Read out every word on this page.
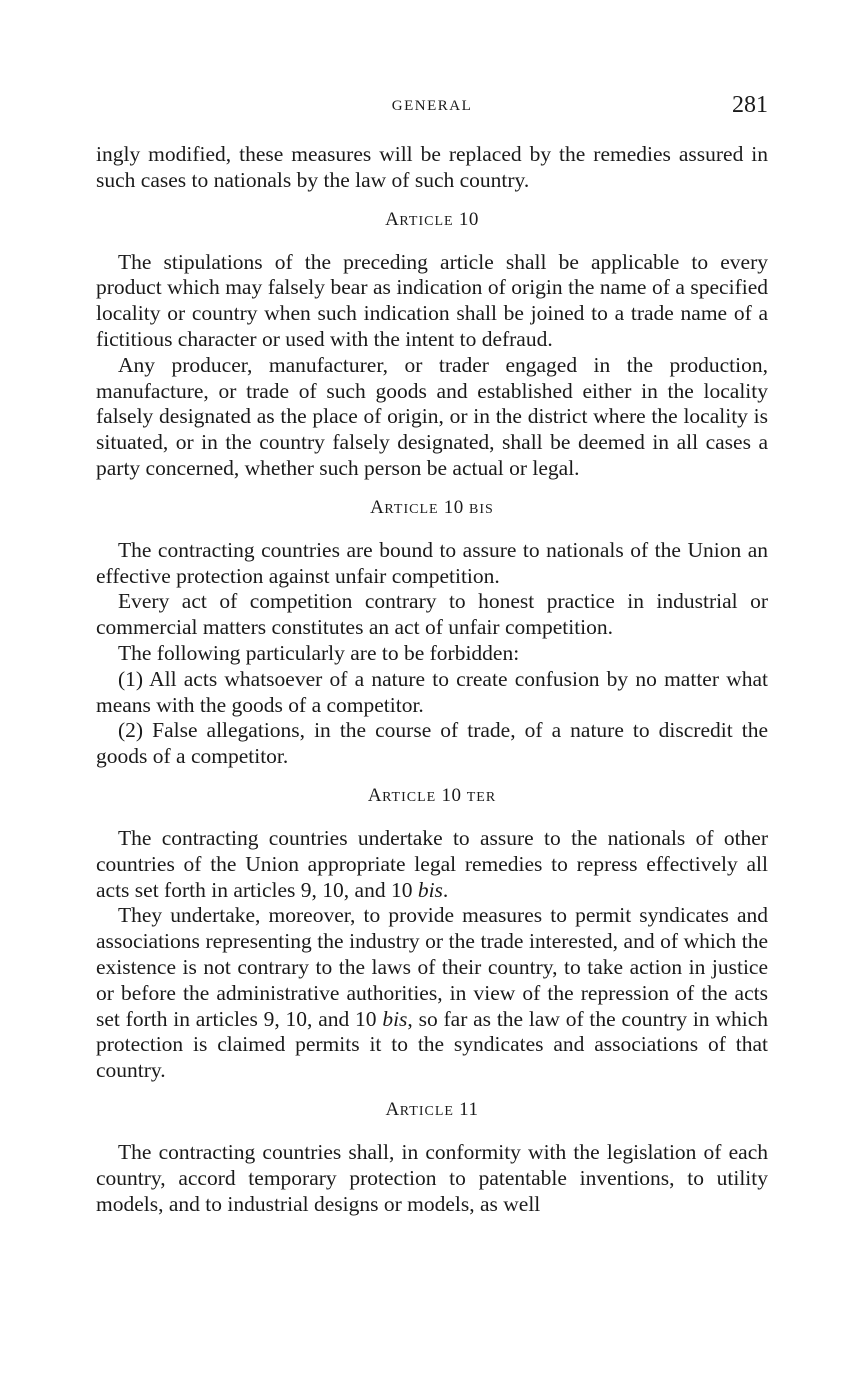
GENERAL	281

ingly modified, these measures will be replaced by the remedies assured in such cases to nationals by the law of such country.

ARTICLE 10

The stipulations of the preceding article shall be applicable to every product which may falsely bear as indication of origin the name of a specified locality or country when such indication shall be joined to a trade name of a fictitious character or used with the intent to defraud.

Any producer, manufacturer, or trader engaged in the production, manufacture, or trade of such goods and established either in the locality falsely designated as the place of origin, or in the district where the locality is situated, or in the country falsely designated, shall be deemed in all cases a party concerned, whether such person be actual or legal.

ARTICLE 10 BIS

The contracting countries are bound to assure to nationals of the Union an effective protection against unfair competition.

Every act of competition contrary to honest practice in industrial or commercial matters constitutes an act of unfair competition.

The following particularly are to be forbidden:

(1) All acts whatsoever of a nature to create confusion by no matter what means with the goods of a competitor.

(2) False allegations, in the course of trade, of a nature to discredit the goods of a competitor.

ARTICLE 10 TER

The contracting countries undertake to assure to the nationals of other countries of the Union appropriate legal remedies to repress effectively all acts set forth in articles 9, 10, and 10 bis.

They undertake, moreover, to provide measures to permit syndicates and associations representing the industry or the trade interested, and of which the existence is not contrary to the laws of their country, to take action in justice or before the administrative authorities, in view of the repression of the acts set forth in articles 9, 10, and 10 bis, so far as the law of the country in which protection is claimed permits it to the syndicates and associations of that country.

ARTICLE 11

The contracting countries shall, in conformity with the legislation of each country, accord temporary protection to patentable inventions, to utility models, and to industrial designs or models, as well
